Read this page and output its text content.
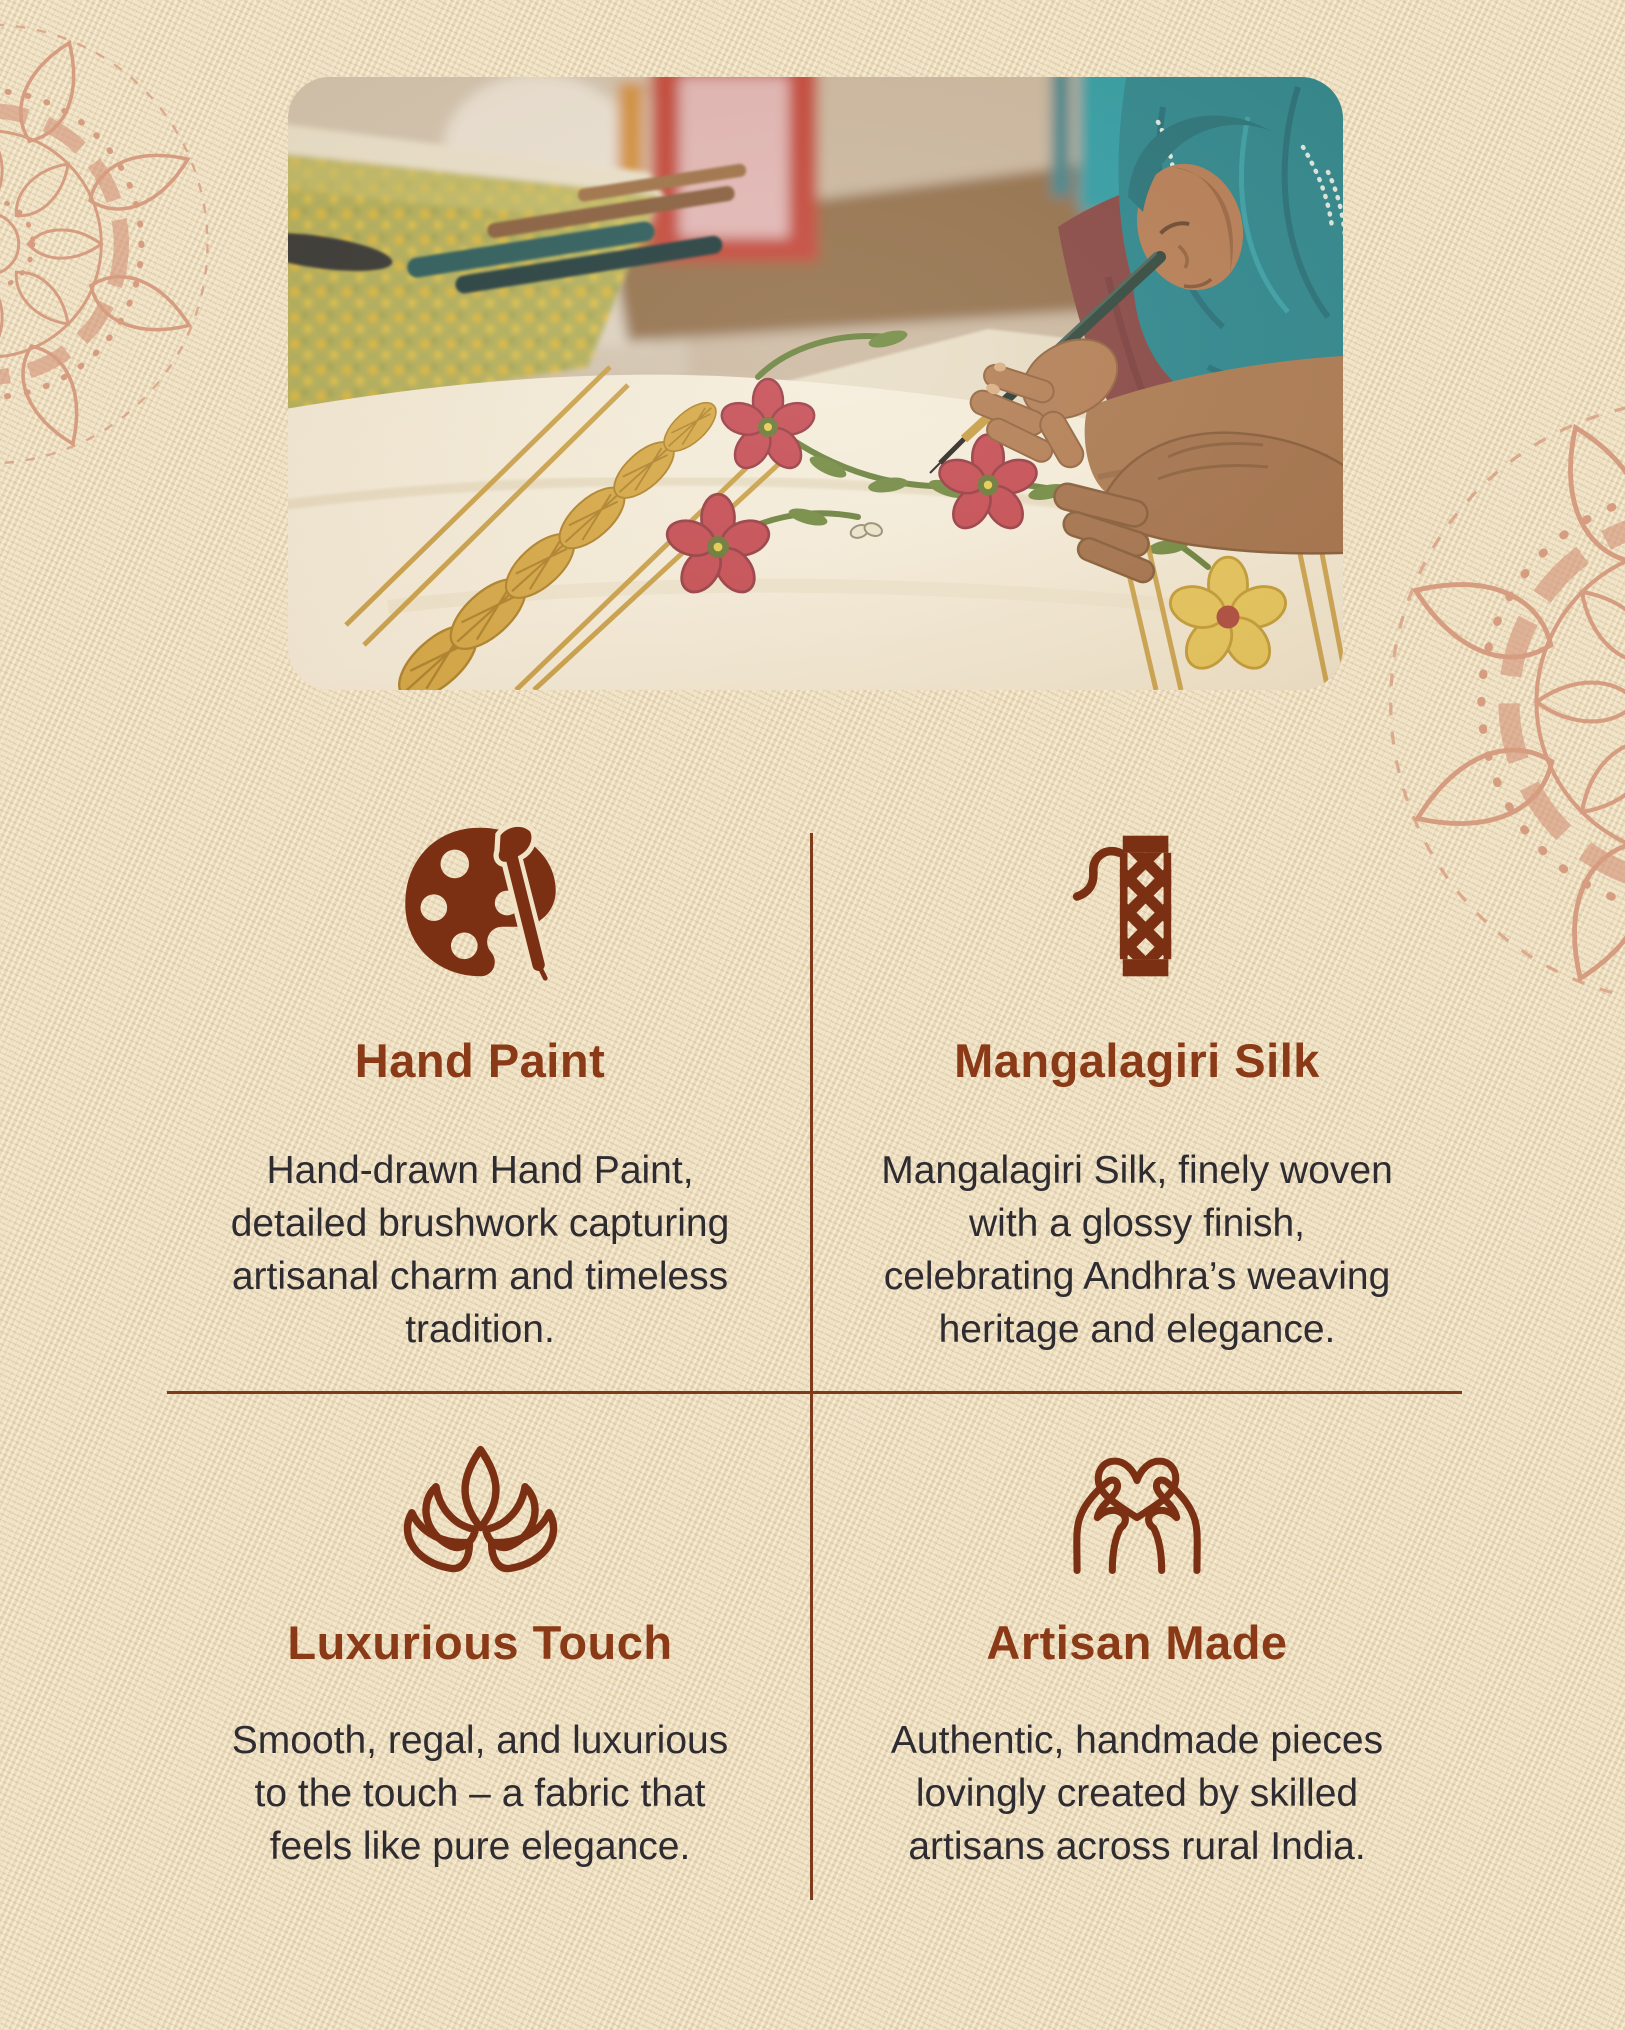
Hand Paint
Hand-drawn Hand Paint,
detailed brushwork capturing
artisanal charm and timeless
tradition.
Mangalagiri Silk
Mangalagiri Silk, finely woven
with a glossy finish,
celebrating Andhra’s weaving
heritage and elegance.
Luxurious Touch
Smooth, regal, and luxurious
to the touch – a fabric that
feels like pure elegance.
Artisan Made
Authentic, handmade pieces
lovingly created by skilled
artisans across rural India.
